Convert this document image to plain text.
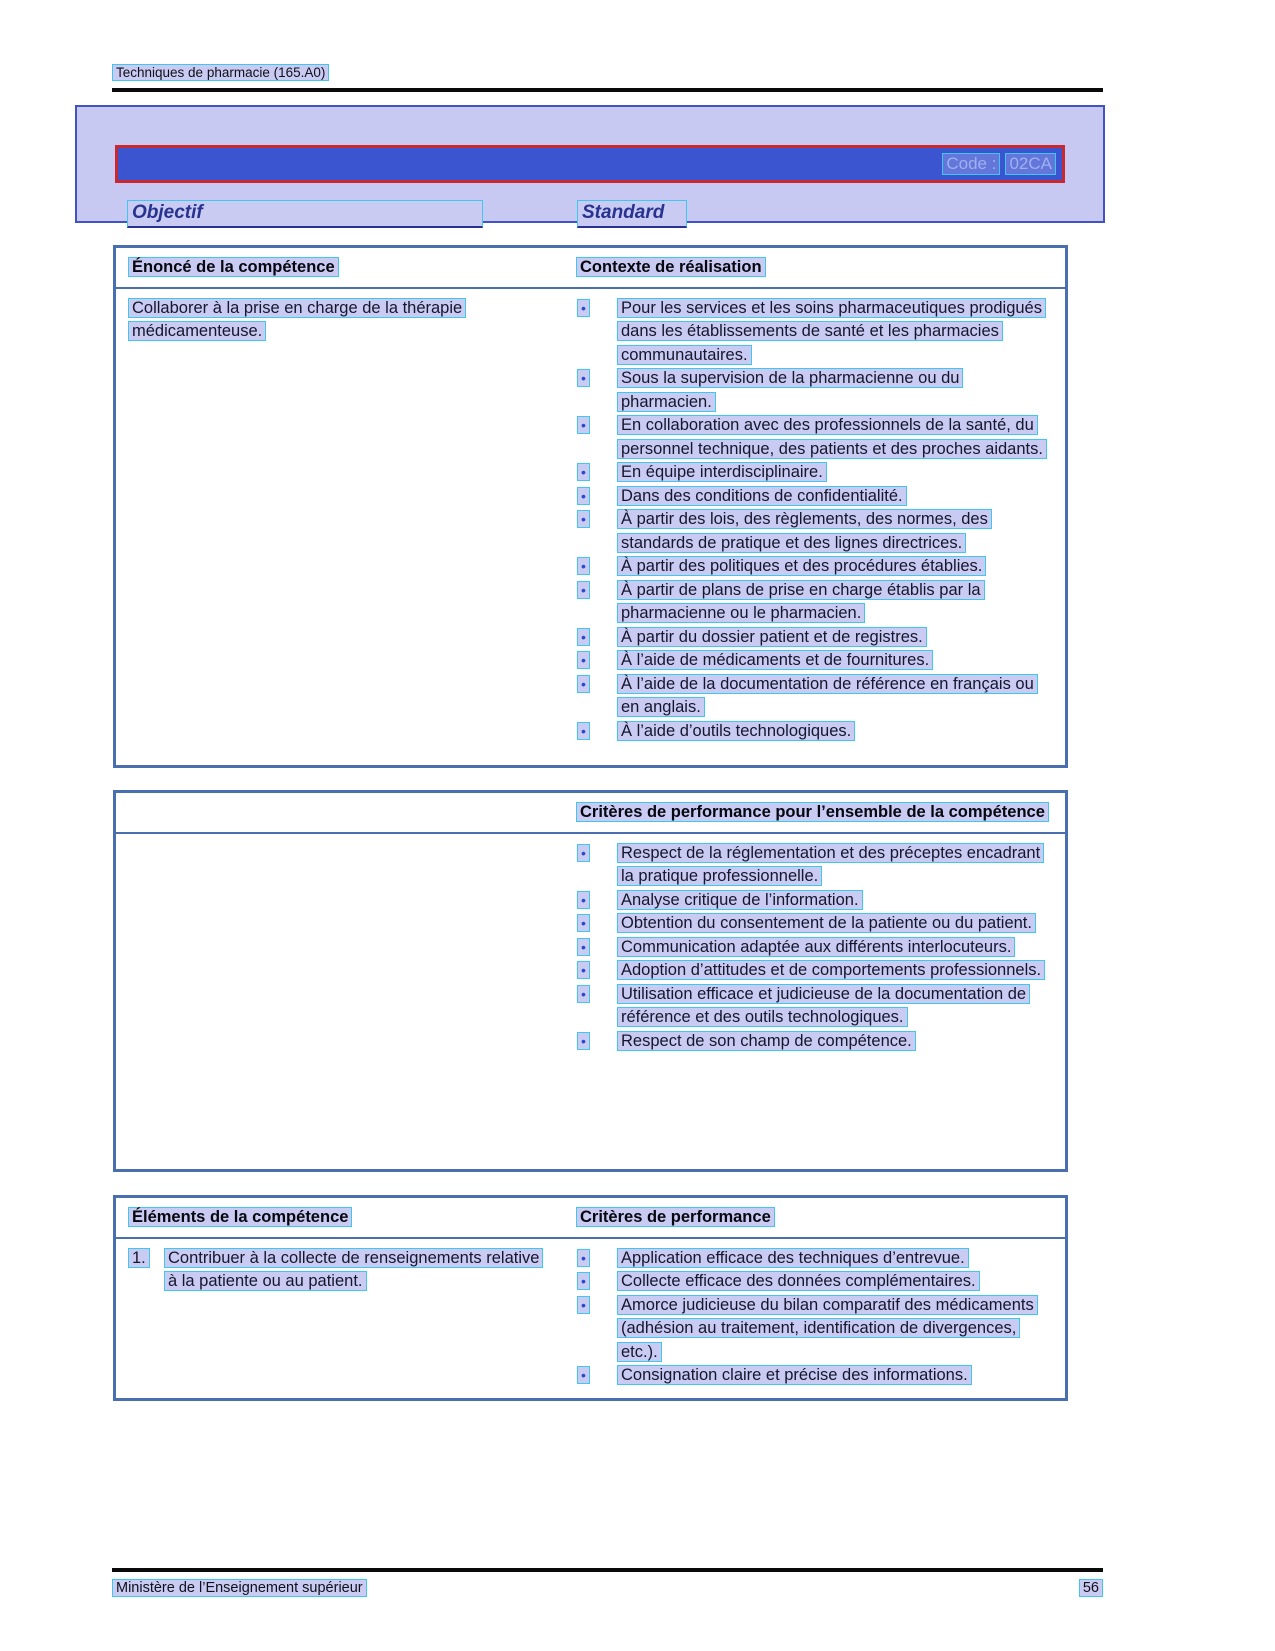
Techniques de pharmacie (165.A0)
Code : 02CA
Objectif	Standard
Énoncé de la compétence	Contexte de réalisation
Collaborer à la prise en charge de la thérapie médicamenteuse.
•	Pour les services et les soins pharmaceutiques prodigués dans les établissements de santé et les pharmacies communautaires.
•	Sous la supervision de la pharmacienne ou du pharmacien.
•	En collaboration avec des professionnels de la santé, du personnel technique, des patients et des proches aidants.
•	En équipe interdisciplinaire.
•	Dans des conditions de confidentialité.
•	À partir des lois, des règlements, des normes, des standards de pratique et des lignes directrices.
•	À partir des politiques et des procédures établies.
•	À partir de plans de prise en charge établis par la pharmacienne ou le pharmacien.
•	À partir du dossier patient et de registres.
•	À l’aide de médicaments et de fournitures.
•	À l’aide de la documentation de référence en français ou en anglais.
•	À l’aide d’outils technologiques.
Critères de performance pour l’ensemble de la compétence
•	Respect de la réglementation et des préceptes encadrant la pratique professionnelle.
•	Analyse critique de l’information.
•	Obtention du consentement de la patiente ou du patient.
•	Communication adaptée aux différents interlocuteurs.
•	Adoption d’attitudes et de comportements professionnels.
•	Utilisation efficace et judicieuse de la documentation de référence et des outils technologiques.
•	Respect de son champ de compétence.
Éléments de la compétence	Critères de performance
1.	Contribuer à la collecte de renseignements relative à la patiente ou au patient.
•	Application efficace des techniques d’entrevue.
•	Collecte efficace des données complémentaires.
•	Amorce judicieuse du bilan comparatif des médicaments (adhésion au traitement, identification de divergences, etc.).
•	Consignation claire et précise des informations.
Ministère de l’Enseignement supérieur	56
